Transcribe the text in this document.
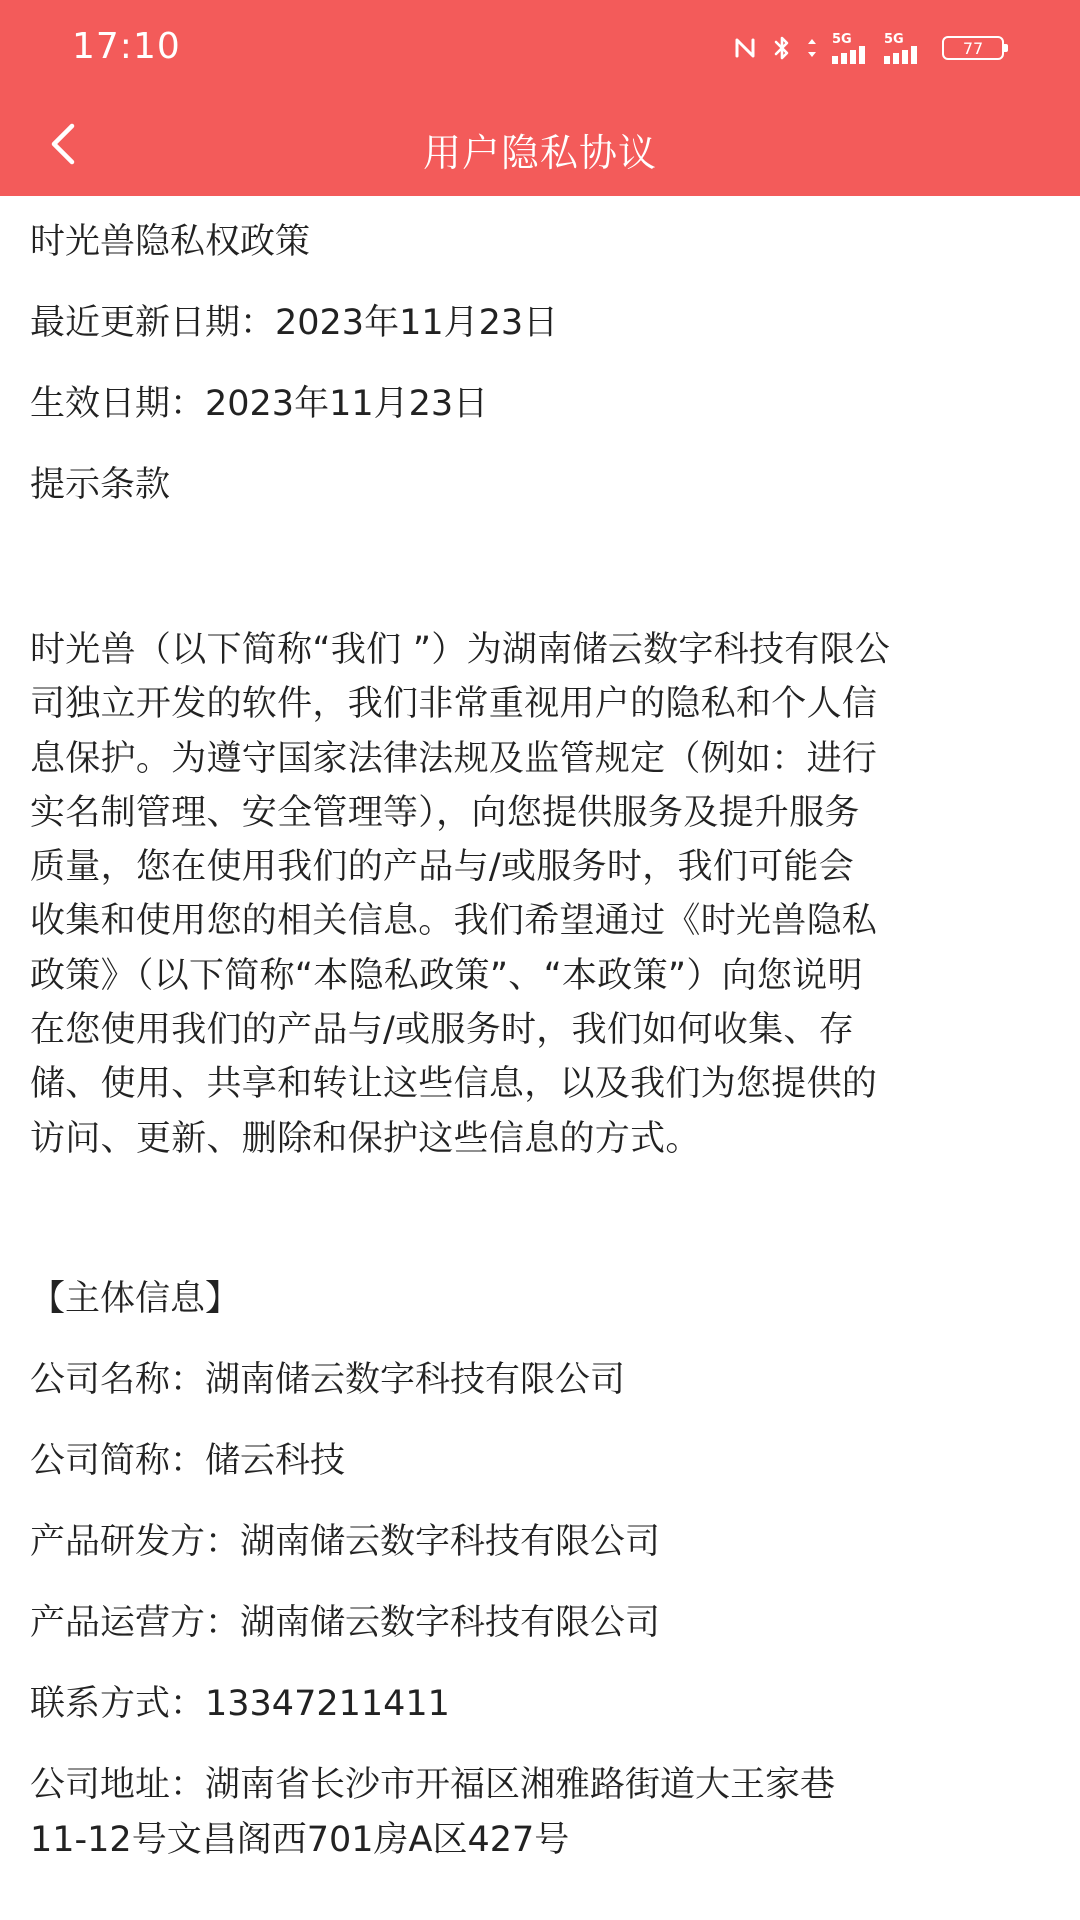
17:10	5G 5G	77
用户隐私协议
时光兽隐私权政策
最近更新日期：2023年11月23日
生效日期：2023年11月23日
提示条款
时光兽（以下简称“我们 ”）为湖南储云数字科技有限公
司独立开发的软件，我们非常重视用户的隐私和个人信
息保护。为遵守国家法律法规及监管规定（例如：进行
实名制管理、安全管理等），向您提供服务及提升服务
质量，您在使用我们的产品与/或服务时，我们可能会
收集和使用您的相关信息。我们希望通过《时光兽隐私
政策》（以下简称“本隐私政策”、“本政策”）向您说明
在您使用我们的产品与/或服务时，我们如何收集、存
储、使用、共享和转让这些信息，以及我们为您提供的
访问、更新、删除和保护这些信息的方式。
【主体信息】
公司名称：湖南储云数字科技有限公司
公司简称：储云科技
产品研发方：湖南储云数字科技有限公司
产品运营方：湖南储云数字科技有限公司
联系方式：13347211411
公司地址：湖南省长沙市开福区湘雅路街道大王家巷
11-12号文昌阁西701房A区427号
